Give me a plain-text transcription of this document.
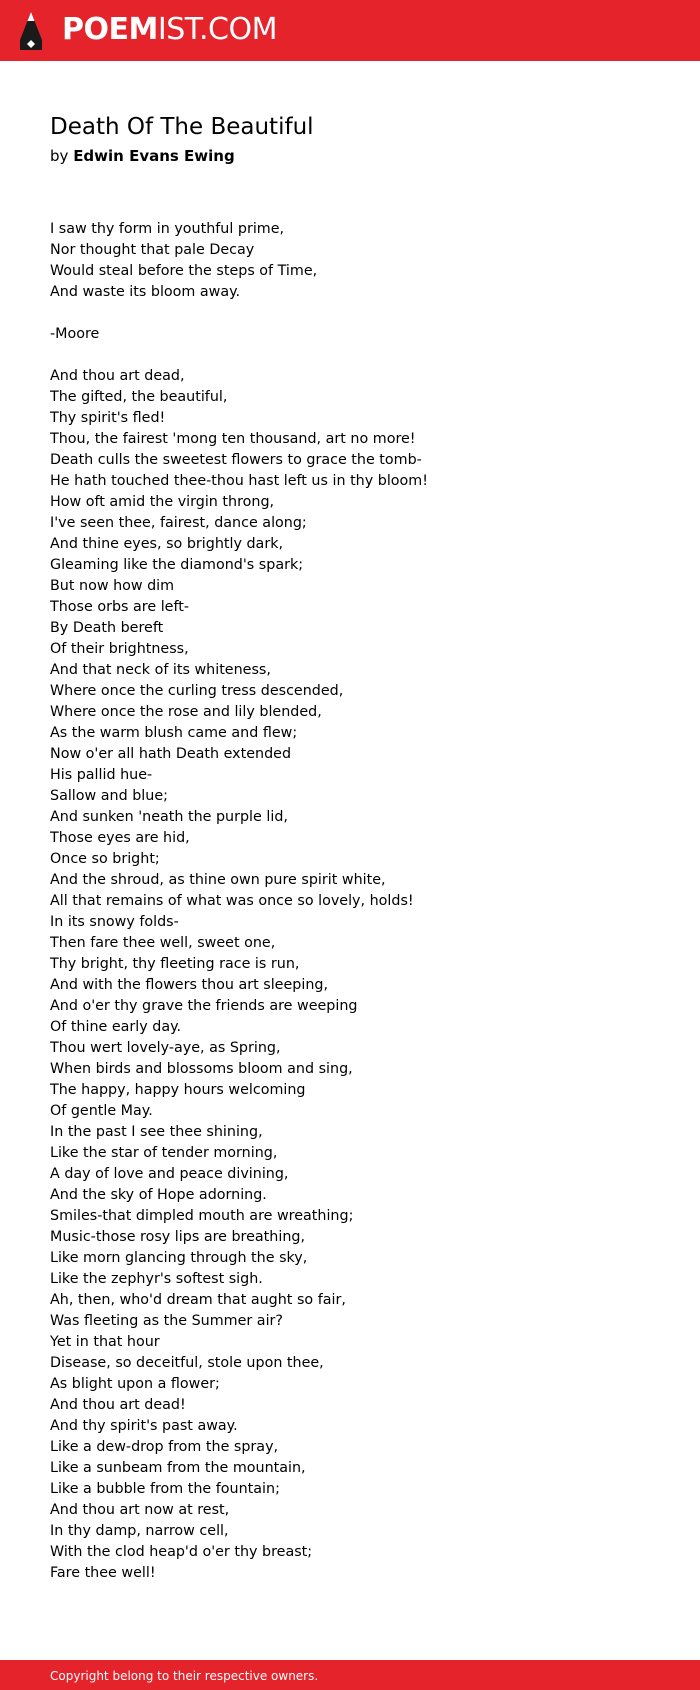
POEMIST.COM
Death Of The Beautiful
by Edwin Evans Ewing
I saw thy form in youthful prime,
Nor thought that pale Decay
Would steal before the steps of Time,
And waste its bloom away.
-Moore
And thou art dead,
The gifted, the beautiful,
Thy spirit's fled!
Thou, the fairest 'mong ten thousand, art no more!
Death culls the sweetest flowers to grace the tomb-
He hath touched thee-thou hast left us in thy bloom!
How oft amid the virgin throng,
I've seen thee, fairest, dance along;
And thine eyes, so brightly dark,
Gleaming like the diamond's spark;
But now how dim
Those orbs are left-
By Death bereft
Of their brightness,
And that neck of its whiteness,
Where once the curling tress descended,
Where once the rose and lily blended,
As the warm blush came and flew;
Now o'er all hath Death extended
His pallid hue-
Sallow and blue;
And sunken 'neath the purple lid,
Those eyes are hid,
Once so bright;
And the shroud, as thine own pure spirit white,
All that remains of what was once so lovely, holds!
In its snowy folds-
Then fare thee well, sweet one,
Thy bright, thy fleeting race is run,
And with the flowers thou art sleeping,
And o'er thy grave the friends are weeping
Of thine early day.
Thou wert lovely-aye, as Spring,
When birds and blossoms bloom and sing,
The happy, happy hours welcoming
Of gentle May.
In the past I see thee shining,
Like the star of tender morning,
A day of love and peace divining,
And the sky of Hope adorning.
Smiles-that dimpled mouth are wreathing;
Music-those rosy lips are breathing,
Like morn glancing through the sky,
Like the zephyr's softest sigh.
Ah, then, who'd dream that aught so fair,
Was fleeting as the Summer air?
Yet in that hour
Disease, so deceitful, stole upon thee,
As blight upon a flower;
And thou art dead!
And thy spirit's past away.
Like a dew-drop from the spray,
Like a sunbeam from the mountain,
Like a bubble from the fountain;
And thou art now at rest,
In thy damp, narrow cell,
With the clod heap'd o'er thy breast;
Fare thee well!
Copyright belong to their respective owners.
